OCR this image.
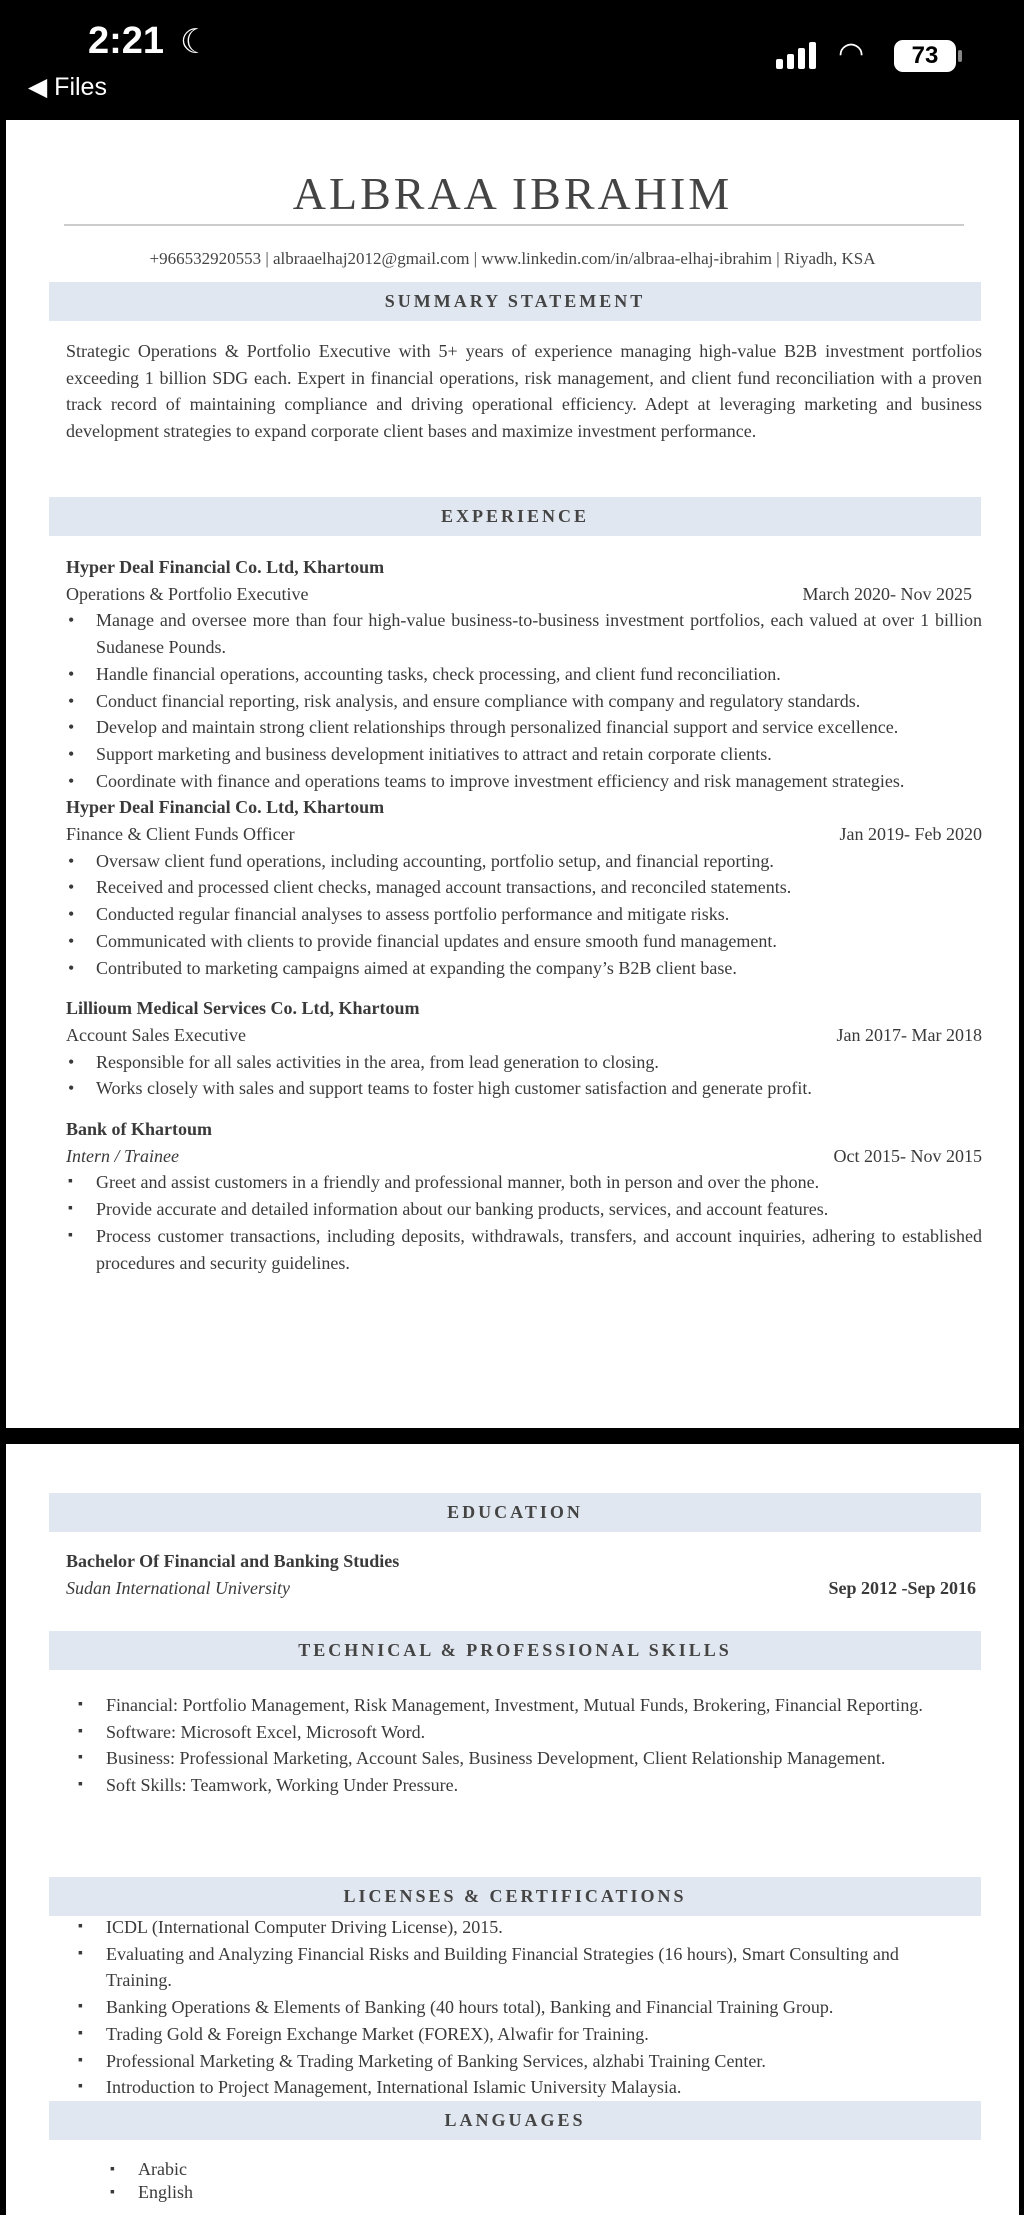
2:21 ☾
◀ Files
◠	73
ALBRAA IBRAHIM
+966532920553 | albraaelhaj2012@gmail.com | www.linkedin.com/in/albraa-elhaj-ibrahim | Riyadh, KSA
SUMMARY STATEMENT
Strategic Operations & Portfolio Executive with 5+ years of experience managing high-value B2B investment portfolios exceeding 1 billion SDG each. Expert in financial operations, risk management, and client fund reconciliation with a proven track record of maintaining compliance and driving operational efficiency. Adept at leveraging marketing and business development strategies to expand corporate client bases and maximize investment performance.
EXPERIENCE
Hyper Deal Financial Co. Ltd, Khartoum
Operations & Portfolio Executive	March 2020- Nov 2025
• Manage and oversee more than four high-value business-to-business investment portfolios, each valued at over 1 billion Sudanese Pounds.
• Handle financial operations, accounting tasks, check processing, and client fund reconciliation.
• Conduct financial reporting, risk analysis, and ensure compliance with company and regulatory standards.
• Develop and maintain strong client relationships through personalized financial support and service excellence.
• Support marketing and business development initiatives to attract and retain corporate clients.
• Coordinate with finance and operations teams to improve investment efficiency and risk management strategies.
Hyper Deal Financial Co. Ltd, Khartoum
Finance & Client Funds Officer	Jan 2019- Feb 2020
• Oversaw client fund operations, including accounting, portfolio setup, and financial reporting.
• Received and processed client checks, managed account transactions, and reconciled statements.
• Conducted regular financial analyses to assess portfolio performance and mitigate risks.
• Communicated with clients to provide financial updates and ensure smooth fund management.
• Contributed to marketing campaigns aimed at expanding the company’s B2B client base.
Lillioum Medical Services Co. Ltd, Khartoum
Account Sales Executive	Jan 2017- Mar 2018
• Responsible for all sales activities in the area, from lead generation to closing.
• Works closely with sales and support teams to foster high customer satisfaction and generate profit.
Bank of Khartoum
Intern / Trainee	Oct 2015- Nov 2015
▪ Greet and assist customers in a friendly and professional manner, both in person and over the phone.
▪ Provide accurate and detailed information about our banking products, services, and account features.
▪ Process customer transactions, including deposits, withdrawals, transfers, and account inquiries, adhering to established procedures and security guidelines.
EDUCATION
Bachelor Of Financial and Banking Studies
Sudan International University	Sep 2012 -Sep 2016
TECHNICAL & PROFESSIONAL SKILLS
▪ Financial: Portfolio Management, Risk Management, Investment, Mutual Funds, Brokering, Financial Reporting.
▪ Software: Microsoft Excel, Microsoft Word.
▪ Business: Professional Marketing, Account Sales, Business Development, Client Relationship Management.
▪ Soft Skills: Teamwork, Working Under Pressure.
LICENSES & CERTIFICATIONS
▪ ICDL (International Computer Driving License), 2015.
▪ Evaluating and Analyzing Financial Risks and Building Financial Strategies (16 hours), Smart Consulting and Training.
▪ Banking Operations & Elements of Banking (40 hours total), Banking and Financial Training Group.
▪ Trading Gold & Foreign Exchange Market (FOREX), Alwafir for Training.
▪ Professional Marketing & Trading Marketing of Banking Services, alzhabi Training Center.
▪ Introduction to Project Management, International Islamic University Malaysia.
LANGUAGES
▪ Arabic
▪ English
